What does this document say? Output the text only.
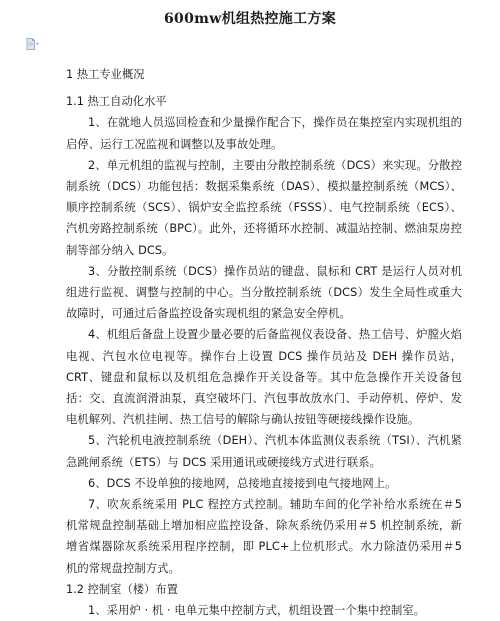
600mw机组热控施工方案

1 热工专业概况

1.1 热工自动化水平

1、在就地人员巡回检查和少量操作配合下，操作员在集控室内实现机组的启停、运行工况监视和调整以及事故处理。

2、单元机组的监视与控制，主要由分散控制系统（DCS）来实现。分散控制系统（DCS）功能包括：数据采集系统（DAS）、模拟量控制系统（MCS）、顺序控制系统（SCS）、锅炉安全监控系统（FSSS）、电气控制系统（ECS）、汽机旁路控制系统（BPC）。此外，还将循环水控制、减温站控制、燃油泵房控制等部分纳入 DCS。

3、分散控制系统（DCS）操作员站的键盘、鼠标和 CRT 是运行人员对机组进行监视、调整与控制的中心。当分散控制系统（DCS）发生全局性或重大故障时，可通过后备监控设备实现机组的紧急安全停机。

4、机组后备盘上设置少量必要的后备监视仪表设备、热工信号、炉膛火焰电视、汽包水位电视等。操作台上设置 DCS 操作员站及 DEH 操作员站，CRT、键盘和鼠标以及机组危急操作开关设备等。其中危急操作开关设备包括：交、直流润滑油泵，真空破坏门、汽包事故放水门、手动停机、停炉、发电机解列、汽机挂闸、热工信号的解除与确认按钮等硬接线操作设施。

5、汽轮机电液控制系统（DEH）、汽机本体监测仪表系统（TSI）、汽机紧急跳闸系统（ETS）与 DCS 采用通讯或硬接线方式进行联系。

6、DCS 不设单独的接地网，总接地直接接到电气接地网上。

7、吹灰系统采用 PLC 程控方式控制。辅助车间的化学补给水系统在＃5 机常规盘控制基础上增加相应监控设备、除灰系统仍采用＃5 机控制系统，新增省煤器除灰系统采用程序控制，即 PLC+上位机形式。水力除渣仍采用＃5 机的常规盘控制方式。

1.2 控制室（楼）布置

1、采用炉 · 机 · 电单元集中控制方式，机组设置一个集中控制室。
